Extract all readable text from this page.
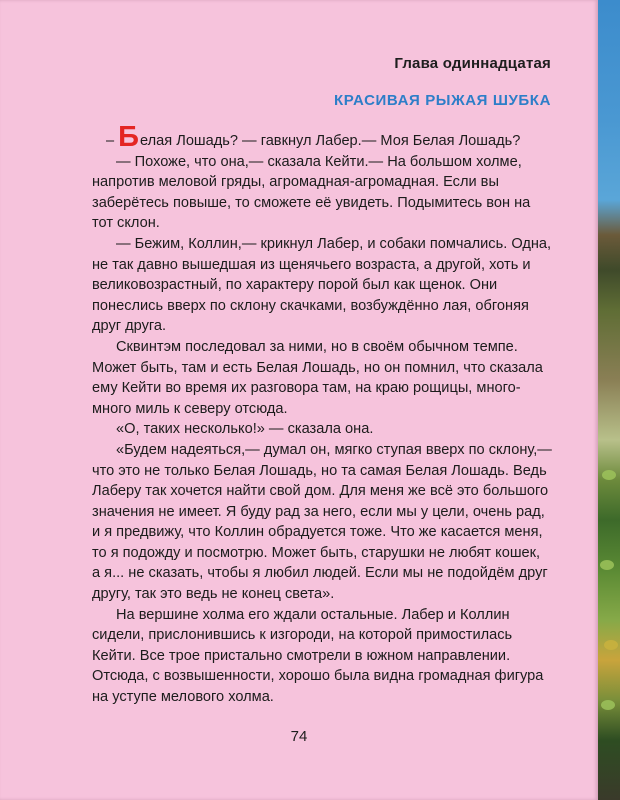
Глава одиннадцатая
КРАСИВАЯ РЫЖАЯ ШУБКА

– Белая Лошадь? — гавкнул Лабер.— Моя Белая Лошадь?

— Похоже, что она,— сказала Кейти.— На большом холме, напротив меловой гряды, агромадная-агромадная. Если вы заберётесь повыше, то сможете её увидеть. Подымитесь вон на тот склон.

— Бежим, Коллин,— крикнул Лабер, и собаки помчались. Одна, не так давно вышедшая из щенячьего возраста, а другой, хоть и великовозрастный, по характеру порой был как щенок. Они понеслись вверх по склону скачками, возбуждённо лая, обгоняя друг друга.

Сквинтэм последовал за ними, но в своём обычном темпе. Может быть, там и есть Белая Лошадь, но он помнил, что сказала ему Кейти во время их разговора там, на краю рощицы, много-много миль к северу отсюда.

«О, таких несколько!» — сказала она.

«Будем надеяться,— думал он, мягко ступая вверх по склону,— что это не только Белая Лошадь, но та самая Белая Лошадь. Ведь Лаберу так хочется найти свой дом. Для меня же всё это большого значения не имеет. Я буду рад за него, если мы у цели, очень рад, и я предвижу, что Коллин обрадуется тоже. Что же касается меня, то я подожду и посмотрю. Может быть, старушки не любят кошек, а я... не сказать, чтобы я любил людей. Если мы не подойдём друг другу, так это ведь не конец света».

На вершине холма его ждали остальные. Лабер и Коллин сидели, прислонившись к изгороди, на которой примостилась Кейти. Все трое пристально смотрели в южном направлении. Отсюда, с возвышенности, хорошо была видна громадная фигура на уступе мелового холма.

74
